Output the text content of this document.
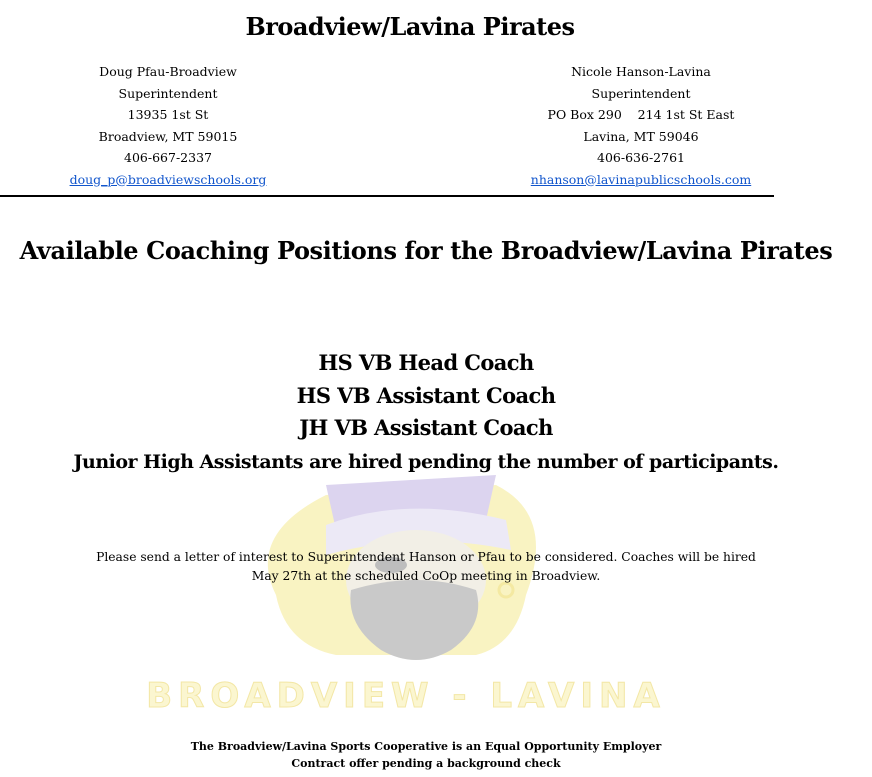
Broadview/Lavina Pirates
Doug Pfau-Broadview Superintendent
13935 1st St
Broadview, MT 59015
406-667-2337
doug_p@broadviewschools.org
Nicole Hanson-Lavina Superintendent
PO Box 290    214 1st St East
Lavina, MT 59046
406-636-2761
nhanson@lavinapublicschools.com
Available Coaching Positions for the Broadview/Lavina Pirates
BROADVIEW - LAVINA
HS VB Head Coach
HS VB Assistant Coach
JH VB Assistant Coach
Junior High Assistants are hired pending the number of participants.
Please send a letter of interest to Superintendent Hanson or Pfau to be considered. Coaches will be hired May 27th at the scheduled CoOp meeting in Broadview.
The Broadview/Lavina Sports Cooperative is an Equal Opportunity Employer
Contract offer pending a background check
